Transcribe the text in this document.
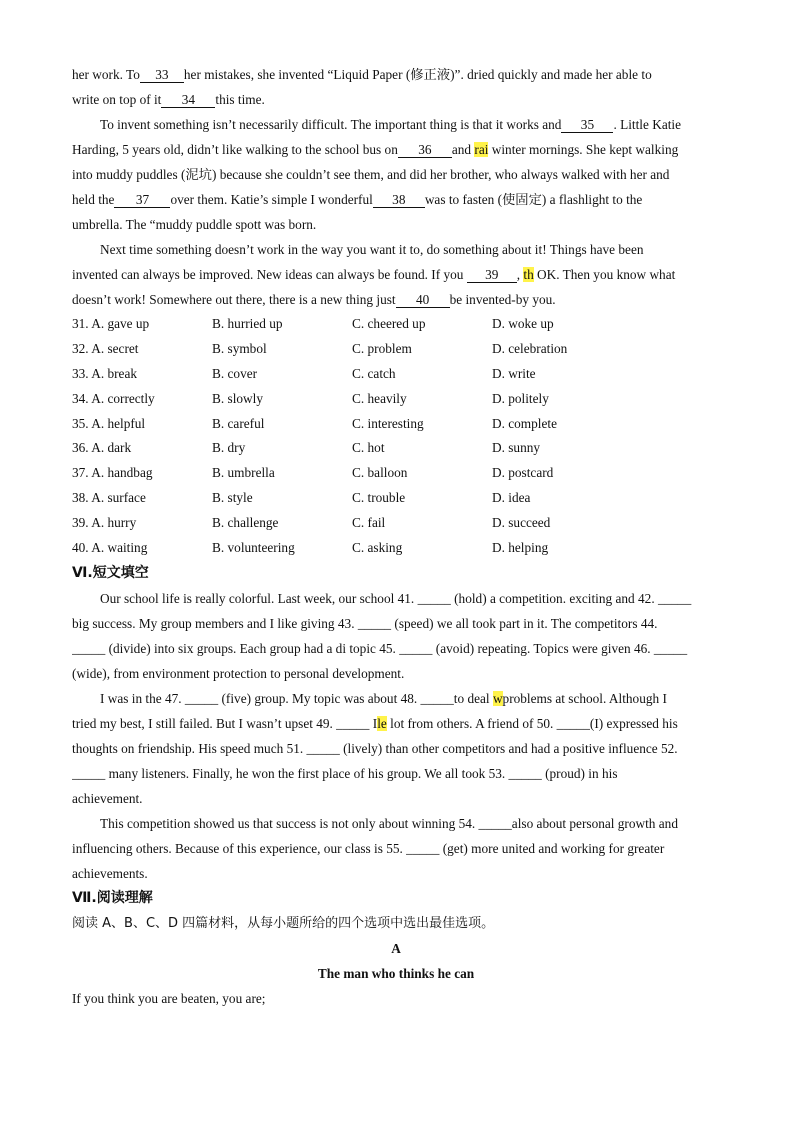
her work. To 33 her mistakes, she invented “Liquid Paper (修正液)”. dried quickly and made her able to
write on top of it 34 this time.
To invent something isn’t necessarily difficult. The important thing is that it works and 35 . Little Katie
Harding, 5 years old, didn’t like walking to the school bus on 36 and rai winter mornings. She kept walking
into muddy puddles (泥坑) because she couldn’t see them, and did her brother, who always walked with her and
held the 37 over them. Katie’s simple I wonderful 38 was to fasten (使固定) a flashlight to the
umbrella. The “muddy puddle spott was born.
Next time something doesn’t work in the way you want it to, do something about it! Things have been
invented can always be improved. New ideas can always be found. If you 39 , th OK. Then you know what
doesn’t work! Somewhere out there, there is a new thing just 40 be invented-by you.
31. A. gave up	B. hurried up	C. cheered up	D. woke up
32. A. secret	B. symbol	C. problem	D. celebration
33. A. break	B. cover	C. catch	D. write
34. A. correctly	B. slowly	C. heavily	D. politely
35. A. helpful	B. careful	C. interesting	D. complete
36. A. dark	B. dry	C. hot	D. sunny
37. A. handbag	B. umbrella	C. balloon	D. postcard
38. A. surface	B. style	C. trouble	D. idea
39. A. hurry	B. challenge	C. fail	D. succeed
40. A. waiting	B. volunteering	C. asking	D. helping
Ⅵ.短文填空
Our school life is really colorful. Last week, our school 41. _____ (hold) a competition. exciting and 42. _____
big success. My group members and I like giving 43. _____ (speed) we all took part in it. The competitors 44.
_____ (divide) into six groups. Each group had a di topic 45. _____ (avoid) repeating. Topics were given 46. _____
(wide), from environment protection to personal development.
I was in the 47. _____ (five) group. My topic was about 48. _____to deal wproblems at school. Although I
tried my best, I still failed. But I wasn’t upset 49. _____ Ile lot from others. A friend of 50. _____(I) expressed his
thoughts on friendship. His speed much 51. _____ (lively) than other competitors and had a positive influence 52.
_____ many listeners. Finally, he won the first place of his group. We all took 53. _____ (proud) in his
achievement.
This competition showed us that success is not only about winning 54. _____also about personal growth and
influencing others. Because of this experience, our class is 55. _____ (get) more united and working for greater
achievements.
Ⅶ.阅读理解
阅读 A、B、C、D 四篇材料，从每小题所给的四个选项中选出最佳选项。
A
The man who thinks he can
If you think you are beaten, you are;
